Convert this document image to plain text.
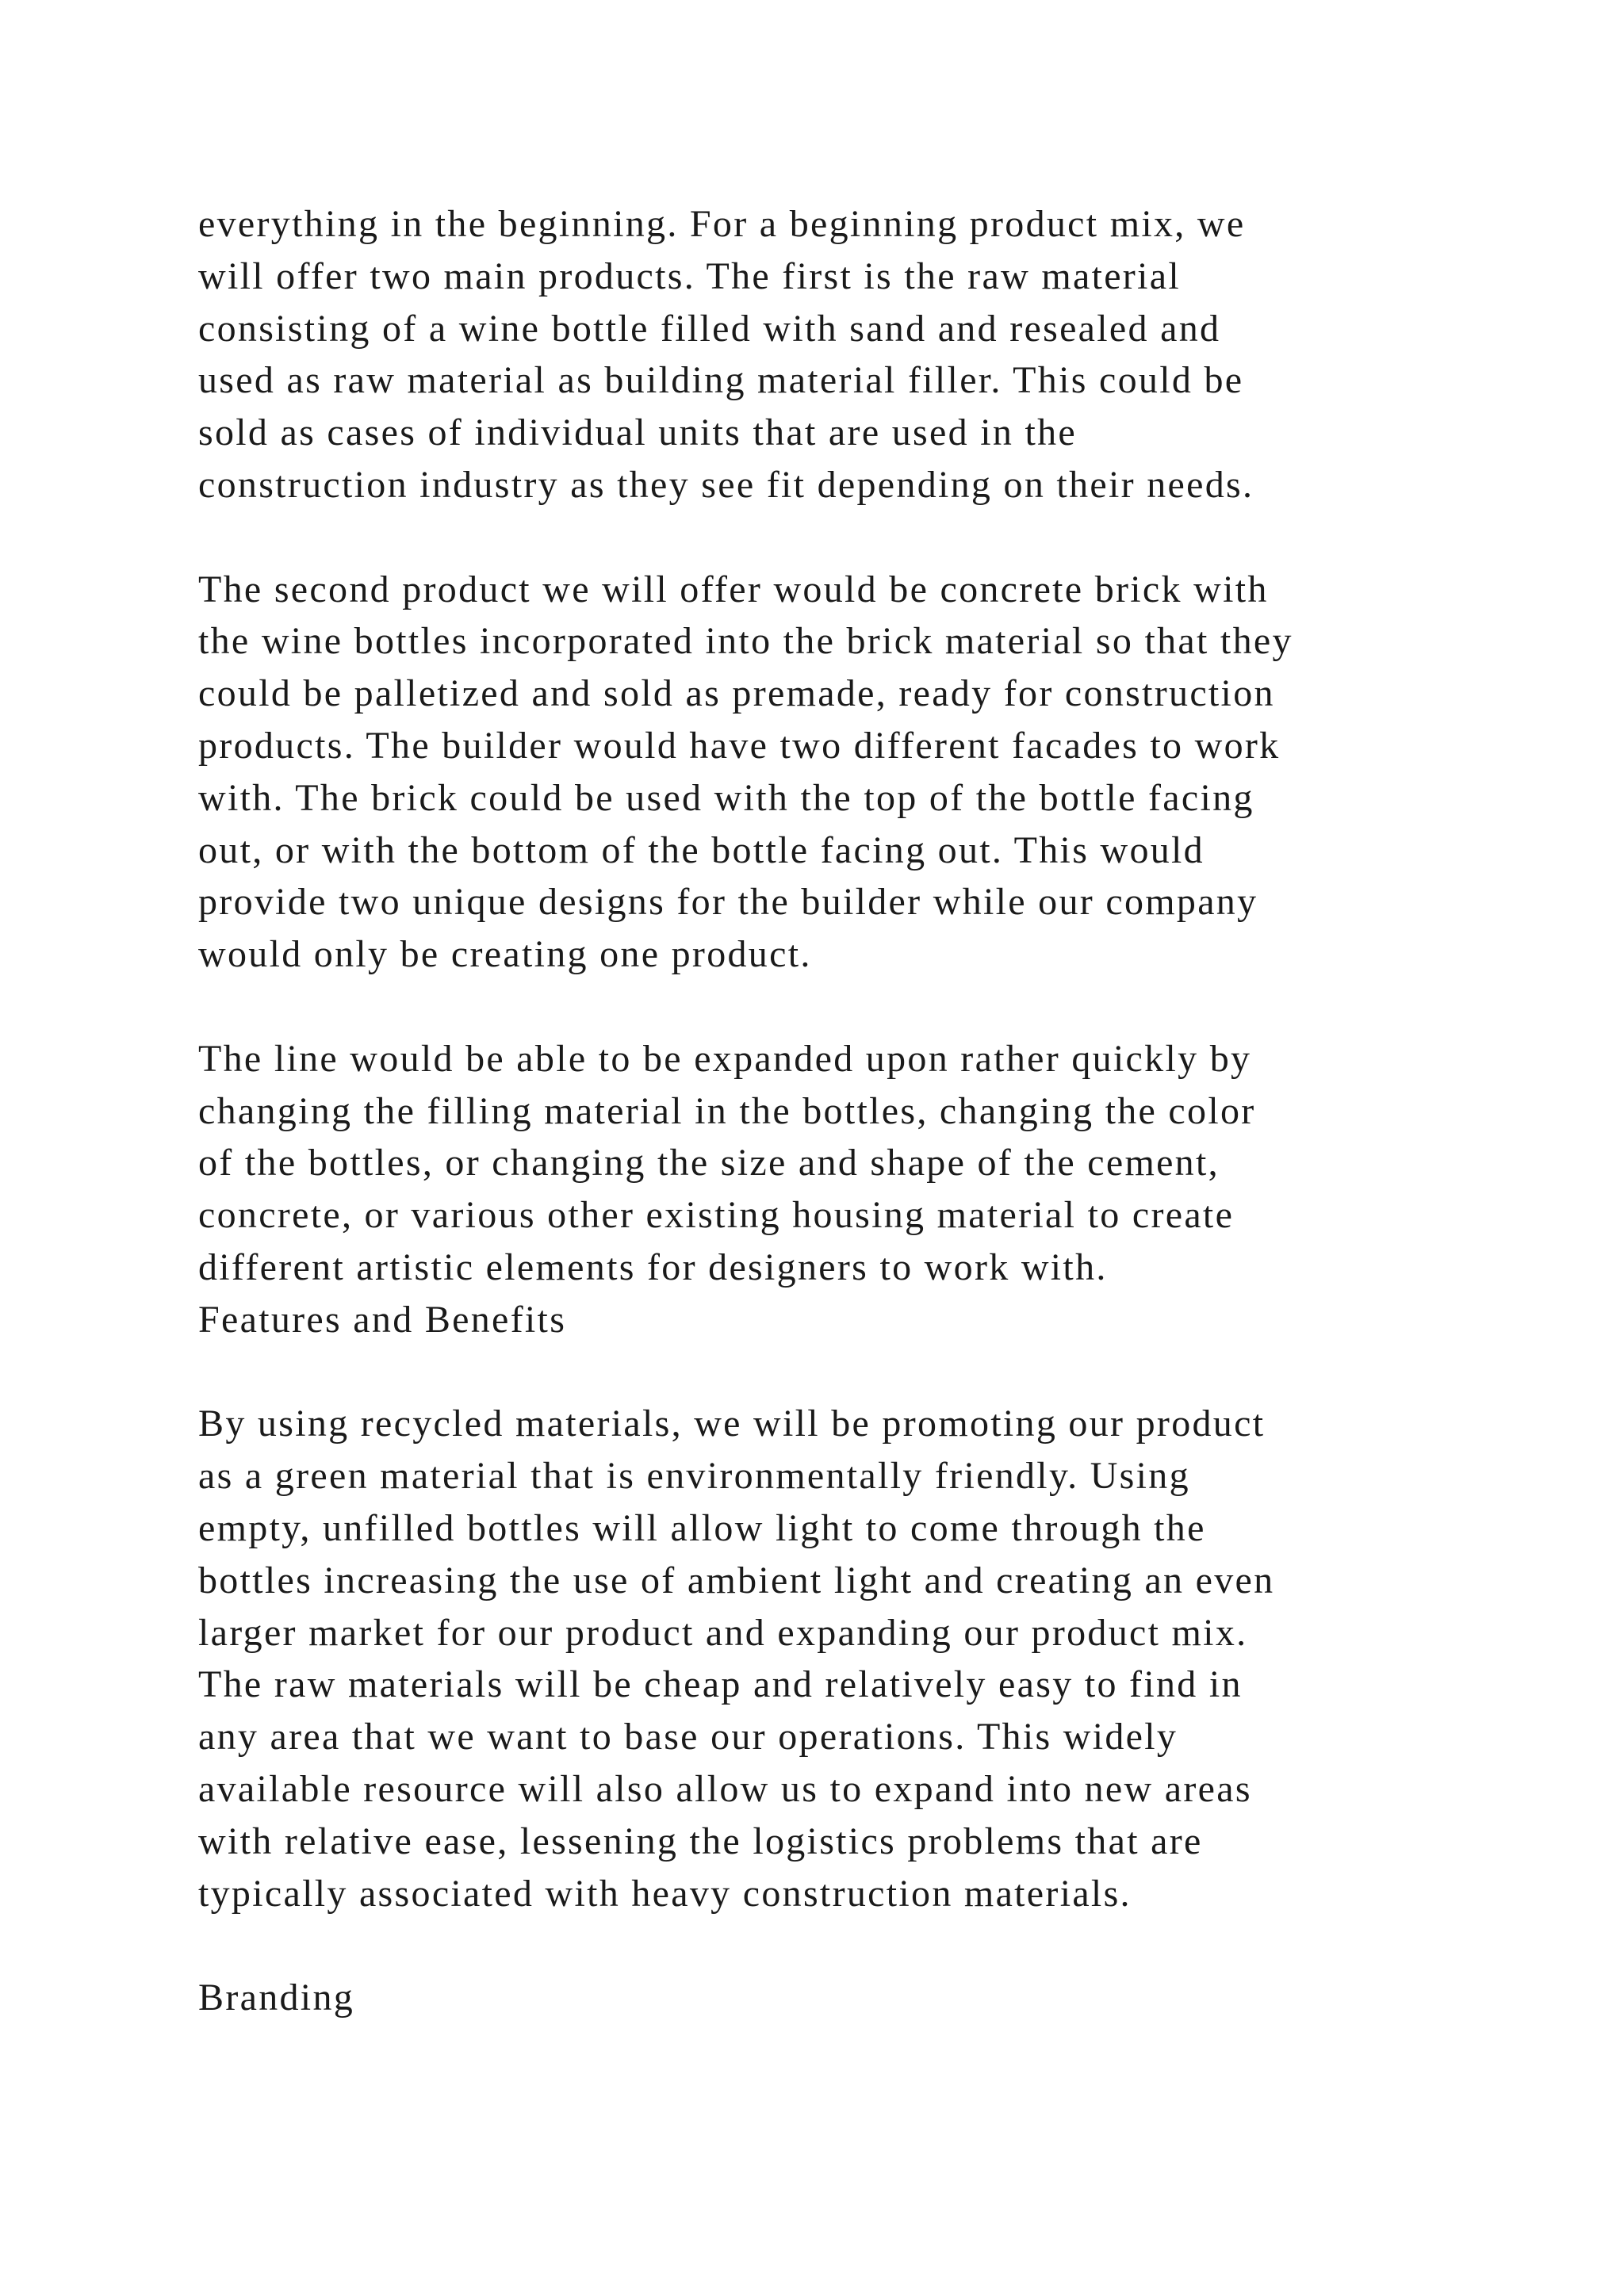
everything in the beginning. For a beginning product mix, we
will offer two main products. The first is the raw material
consisting of a wine bottle filled with sand and resealed and
used as raw material as building material filler. This could be
sold as cases of individual units that are used in the
construction industry as they see fit depending on their needs.
The second product we will offer would be concrete brick with
the wine bottles incorporated into the brick material so that they
could be palletized and sold as premade, ready for construction
products. The builder would have two different facades to work
with. The brick could be used with the top of the bottle facing
out, or with the bottom of the bottle facing out. This would
provide two unique designs for the builder while our company
would only be creating one product.
The line would be able to be expanded upon rather quickly by
changing the filling material in the bottles, changing the color
of the bottles, or changing the size and shape of the cement,
concrete, or various other existing housing material to create
different artistic elements for designers to work with.
Features and Benefits
By using recycled materials, we will be promoting our product
as a green material that is environmentally friendly. Using
empty, unfilled bottles will allow light to come through the
bottles increasing the use of ambient light and creating an even
larger market for our product and expanding our product mix.
The raw materials will be cheap and relatively easy to find in
any area that we want to base our operations. This widely
available resource will also allow us to expand into new areas
with relative ease, lessening the logistics problems that are
typically associated with heavy construction materials.
Branding
